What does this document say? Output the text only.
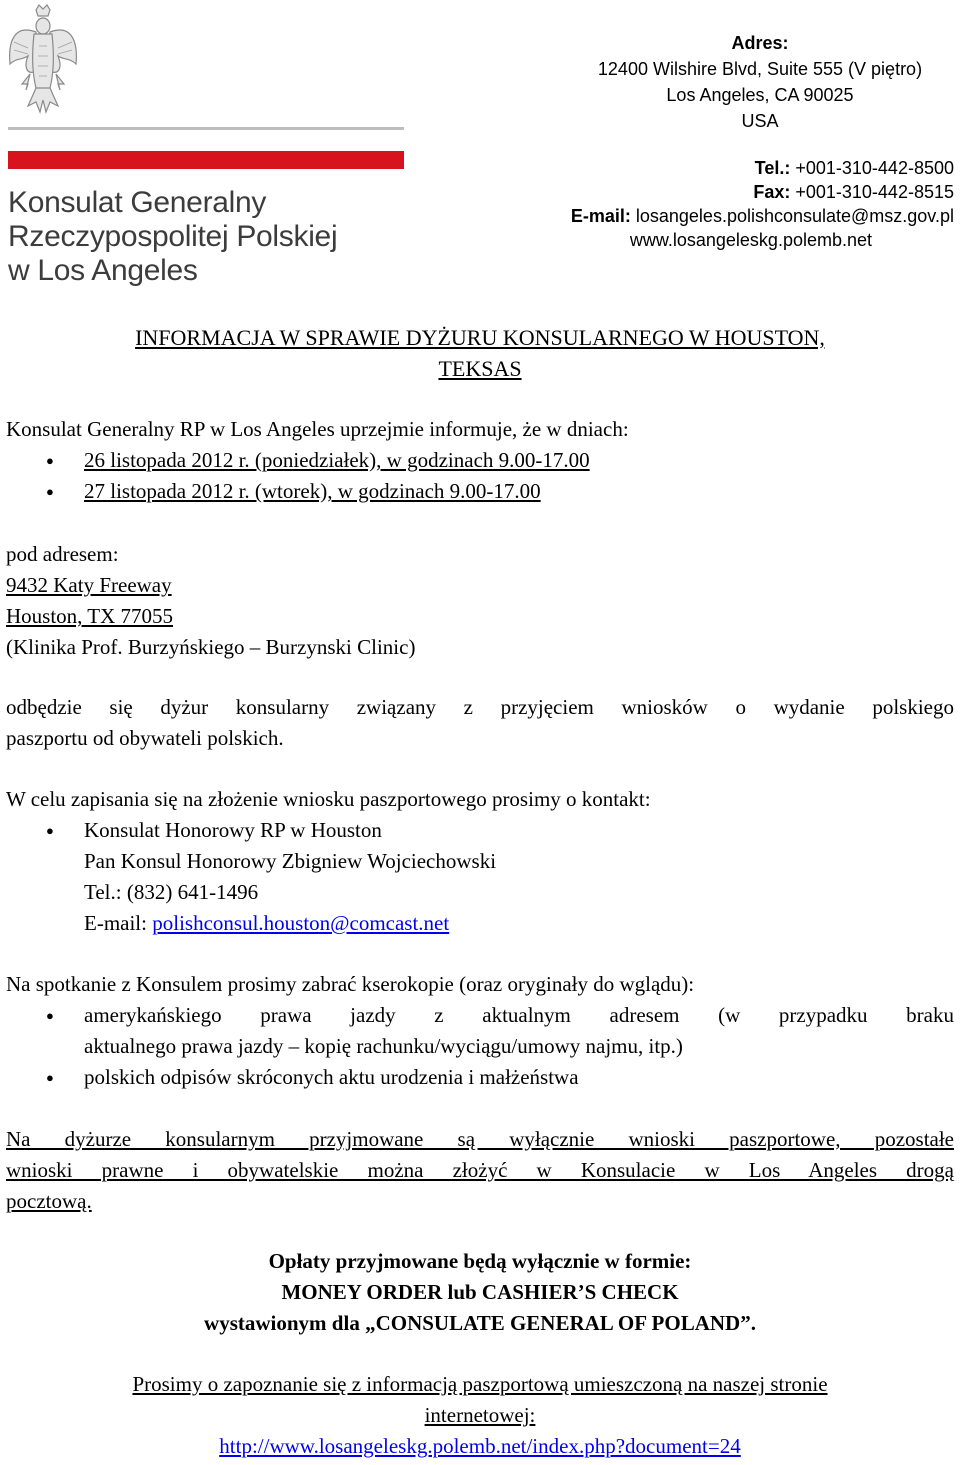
Konsulat Generalny
Rzeczypospolitej Polskiej
w Los Angeles
Adres:
12400 Wilshire Blvd, Suite 555 (V piętro)
Los Angeles, CA 90025
USA
Tel.: +001-310-442-8500
Fax: +001-310-442-8515
E-mail: losangeles.polishconsulate@msz.gov.pl
www.losangeleskg.polemb.net
INFORMACJA W SPRAWIE DYŻURU KONSULARNEGO W HOUSTON,
TEKSAS
Konsulat Generalny RP w Los Angeles uprzejmie informuje, że w dniach:
● 26 listopada 2012 r. (poniedziałek), w godzinach 9.00-17.00
● 27 listopada 2012 r. (wtorek), w godzinach 9.00-17.00
pod adresem:
9432 Katy Freeway
Houston, TX 77055
(Klinika Prof. Burzyńskiego – Burzynski Clinic)
odbędzie się dyżur konsularny związany z przyjęciem wniosków o wydanie polskiego
paszportu od obywateli polskich.
W celu zapisania się na złożenie wniosku paszportowego prosimy o kontakt:
● Konsulat Honorowy RP w Houston
Pan Konsul Honorowy Zbigniew Wojciechowski
Tel.: (832) 641-1496
E-mail: polishconsul.houston@comcast.net
Na spotkanie z Konsulem prosimy zabrać kserokopie (oraz oryginały do wglądu):
● amerykańskiego prawa jazdy z aktualnym adresem (w przypadku braku
aktualnego prawa jazdy – kopię rachunku/wyciągu/umowy najmu, itp.)
● polskich odpisów skróconych aktu urodzenia i małżeństwa
Na dyżurze konsularnym przyjmowane są wyłącznie wnioski paszportowe, pozostałe
wnioski prawne i obywatelskie można złożyć w Konsulacie w Los Angeles drogą
pocztową.
Opłaty przyjmowane będą wyłącznie w formie:
MONEY ORDER lub CASHIER’S CHECK
wystawionym dla „CONSULATE GENERAL OF POLAND”.
Prosimy o zapoznanie się z informacją paszportową umieszczoną na naszej stronie
internetowej:
http://www.losangeleskg.polemb.net/index.php?document=24
